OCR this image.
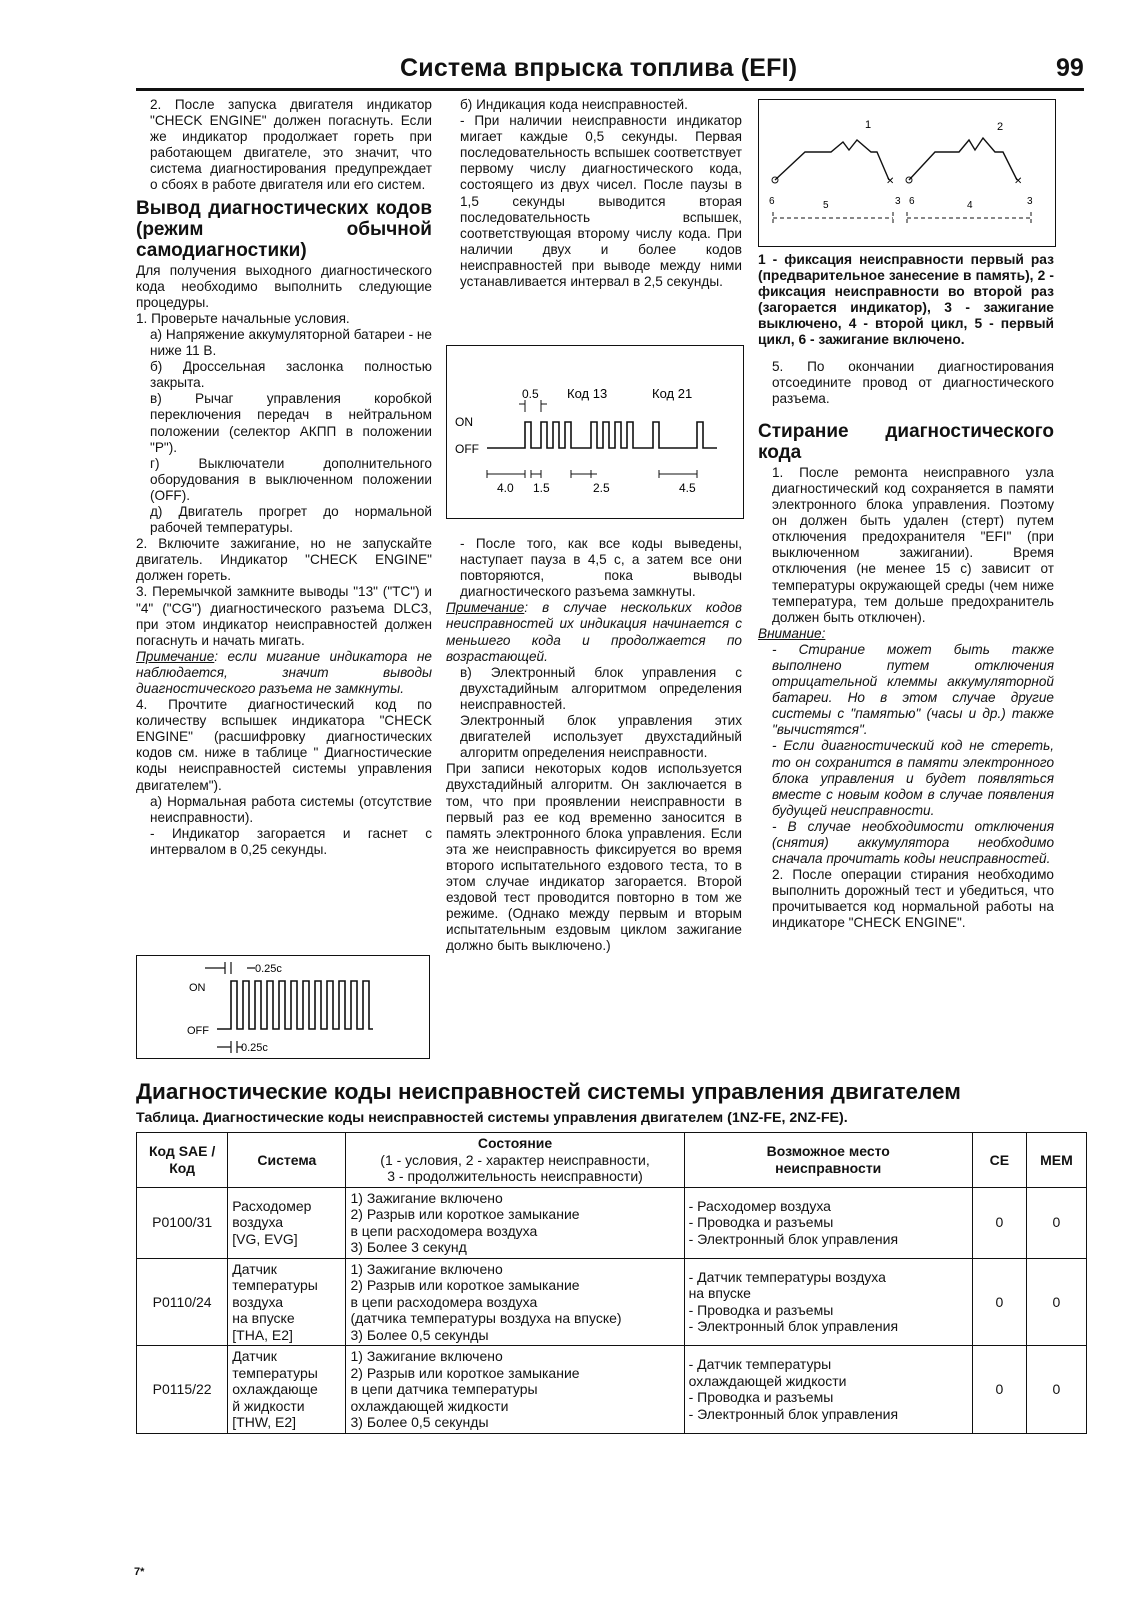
Система впрыска топлива (EFI)	99

2. После запуска двигателя индикатор "CHECK ENGINE" должен погаснуть. Если же индикатор продолжает гореть при работающем двигателе, это значит, что система диагностирования предупреждает о сбоях в работе двигателя или его систем.

Вывод диагностических кодов (режим обычной самодиагностики)

Для получения выходного диагностического кода необходимо выполнить следующие процедуры.

1. Проверьте начальные условия.

а) Напряжение аккумуляторной батареи - не ниже 11 В.

б) Дроссельная заслонка полностью закрыта.

в) Рычаг управления коробкой переключения передач в нейтральном положении (селектор АКПП в положении "P").

г) Выключатели дополнительного оборудования в выключенном положении (OFF).

д) Двигатель прогрет до нормальной рабочей температуры.

2. Включите зажигание, но не запускайте двигатель. Индикатор "CHECK ENGINE" должен гореть.

3. Перемычкой замкните выводы "13" ("TC") и "4" ("CG") диагностического разъема DLC3, при этом индикатор неисправностей должен погаснуть и начать мигать.

Примечание: если мигание индикатора не наблюдается, значит выводы диагностического разъема не замкнуты.

4. Прочтите диагностический код по количеству вспышек индикатора "CHECK ENGINE" (расшифровку диагностических кодов см. ниже в таблице " Диагностические коды неисправностей системы управления двигателем").

а) Нормальная работа системы (отсутствие неисправности).

- Индикатор загорается и гаснет с интервалом в 0,25 секунды.

ON
OFF
0.25с
0.25с

б) Индикация кода неисправностей.

- При наличии неисправности индикатор мигает каждые 0,5 секунды. Первая последовательность вспышек соответствует первому числу диагностического кода, состоящего из двух чисел. После паузы в 1,5 секунды выводится вторая последовательность вспышек, соответствующая второму числу кода. При наличии двух и более кодов неисправностей при выводе между ними устанавливается интервал в 2,5 секунды.

ON
OFF
0.5 Код 13	Код 21
4.0 1.5	2.5	4.5

- После того, как все коды выведены, наступает пауза в 4,5 с, а затем все они повторяются, пока выводы диагностического разъема замкнуты.

Примечание: в случае нескольких кодов неисправностей их индикация начинается с меньшего кода и продолжается по возрастающей.

в) Электронный блок управления с двухстадийным алгоритмом определения неисправностей.

Электронный блок управления этих двигателей использует двухстадийный алгоритм определения неисправности.

При записи некоторых кодов используется двухстадийный алгоритм. Он заключается в том, что при проявлении неисправности в первый раз ее код временно заносится в память электронного блока управления. Если эта же неисправность фиксируется во время второго испытательного ездового теста, то в этом случае индикатор загорается. Второй ездовой тест проводится повторно в том же режиме. (Однако между первым и вторым испытательным ездовым циклом зажигание должно быть выключено.)

✕	✕
1	2
6	5	3 6	4	3

1 - фиксация неисправности первый раз (предварительное занесение в память), 2 - фиксация неисправности во второй раз (загорается индикатор), 3 - зажигание выключено, 4 - второй цикл, 5 - первый цикл, 6 - зажигание включено.

5. По окончании диагностирования отсоедините провод от диагностического разъема.

Стирание диагностического кода

1. После ремонта неисправного узла диагностический код сохраняется в памяти электронного блока управления. Поэтому он должен быть удален (стерт) путем отключения предохранителя "EFI" (при выключенном зажигании). Время отключения (не менее 15 с) зависит от температуры окружающей среды (чем ниже температура, тем дольше предохранитель должен быть отключен).

Внимание:

- Стирание может быть также выполнено путем отключения отрицательной клеммы аккумуляторной батареи. Но в этом случае другие системы с "памятью" (часы и др.) также "вычистятся".

- Если диагностический код не стереть, то он сохранится в памяти электронного блока управления и будет появляться вместе с новым кодом в случае появления будущей неисправности.

- В случае необходимости отключения (снятия) аккумулятора необходимо сначала прочитать коды неисправностей.

2. После операции стирания необходимо выполнить дорожный тест и убедиться, что прочитывается код нормальной работы на индикаторе "CHECK ENGINE".

Диагностические коды неисправностей системы управления двигателем
Таблица. Диагностические коды неисправностей системы управления двигателем (1NZ-FE, 2NZ-FE).
Код SAE /
Код	Система	Состояние
(1 - условия, 2 - характер неисправности,
3 - продолжительность неисправности)	Возможное место
неисправности	CE	MEM
P0100/31	Расходомер
воздуха
[VG, EVG]	1) Зажигание включено
2) Разрыв или короткое замыкание
в цепи расходомера воздуха
3) Более 3 секунд	- Расходомер воздуха
- Проводка и разъемы
- Электронный блок управления	0	0
P0110/24	Датчик
температуры
воздуха
на впуске
[THA, E2]	1) Зажигание включено
2) Разрыв или короткое замыкание
в цепи расходомера воздуха
(датчика температуры воздуха на впуске)
3) Более 0,5 секунды	- Датчик температуры воздуха
на впуске
- Проводка и разъемы
- Электронный блок управления	0	0
P0115/22	Датчик
температуры
охлаждающе
й жидкости
[THW, E2]	1) Зажигание включено
2) Разрыв или короткое замыкание
в цепи датчика температуры
охлаждающей жидкости
3) Более 0,5 секунды	- Датчик температуры
охлаждающей жидкости
- Проводка и разъемы
- Электронный блок управления	0	0
7*
